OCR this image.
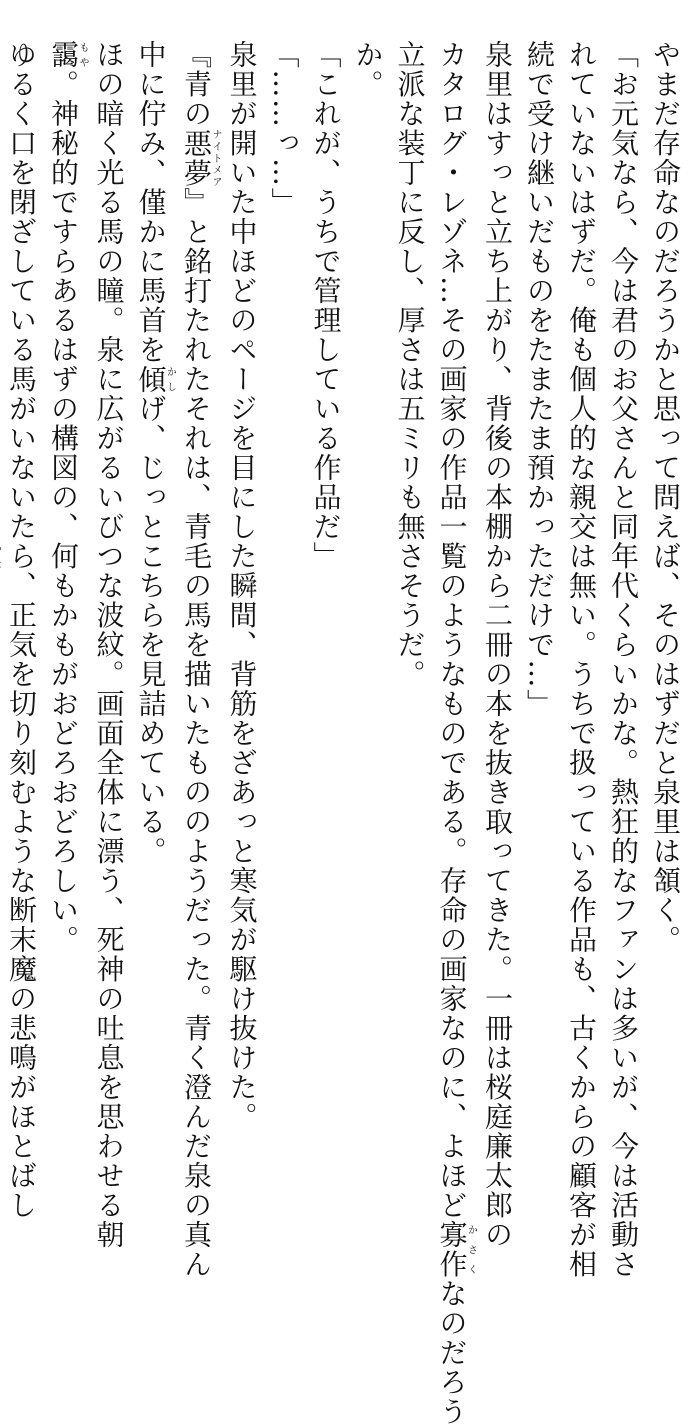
やまだ存命なのだろうかと思って問えば、そのはずだと泉里は頷く。

「お元気なら、今は君のお父さんと同年代くらいかな。熱狂的なファンは多いが、今は活動さ

れていないはずだ。俺も個人的な親交は無い。うちで扱っている作品も、古くからの顧客が相

続で受け継いだものをたまたま預かっただけで…」

泉里はすっと立ち上がり、背後の本棚から二冊の本を抜き取ってきた。一冊は桜庭廉太郎の

カタログ・レゾネ…その画家の作品一覧のようなものである。存命の画家なのに、よほど寡作かさくなのだろう

立派な装丁に反し、厚さは五ミリも無さそうだ。

か。

「これが、うちで管理している作品だ」

「……っ…」

泉里が開いた中ほどのページを目にした瞬間、背筋をざあっと寒気が駆け抜けた。

『青の悪夢ナイトメア』と銘打たれたそれは、青毛の馬を描いたもののようだった。青く澄んだ泉の真ん

中に佇み、僅かに馬首を傾かしげ、じっとこちらを見詰めている。

ほの暗く光る馬の瞳。泉に広がるいびつな波紋。画面全体に漂う、死神の吐息を思わせる朝

靄もや。神秘的ですらあるはずの構図の、何もかもがおどろおどろしい。

ゆるく口を閉ざしている馬がいないたら、正気を切り刻むような断末魔の悲鳴がほとばし
